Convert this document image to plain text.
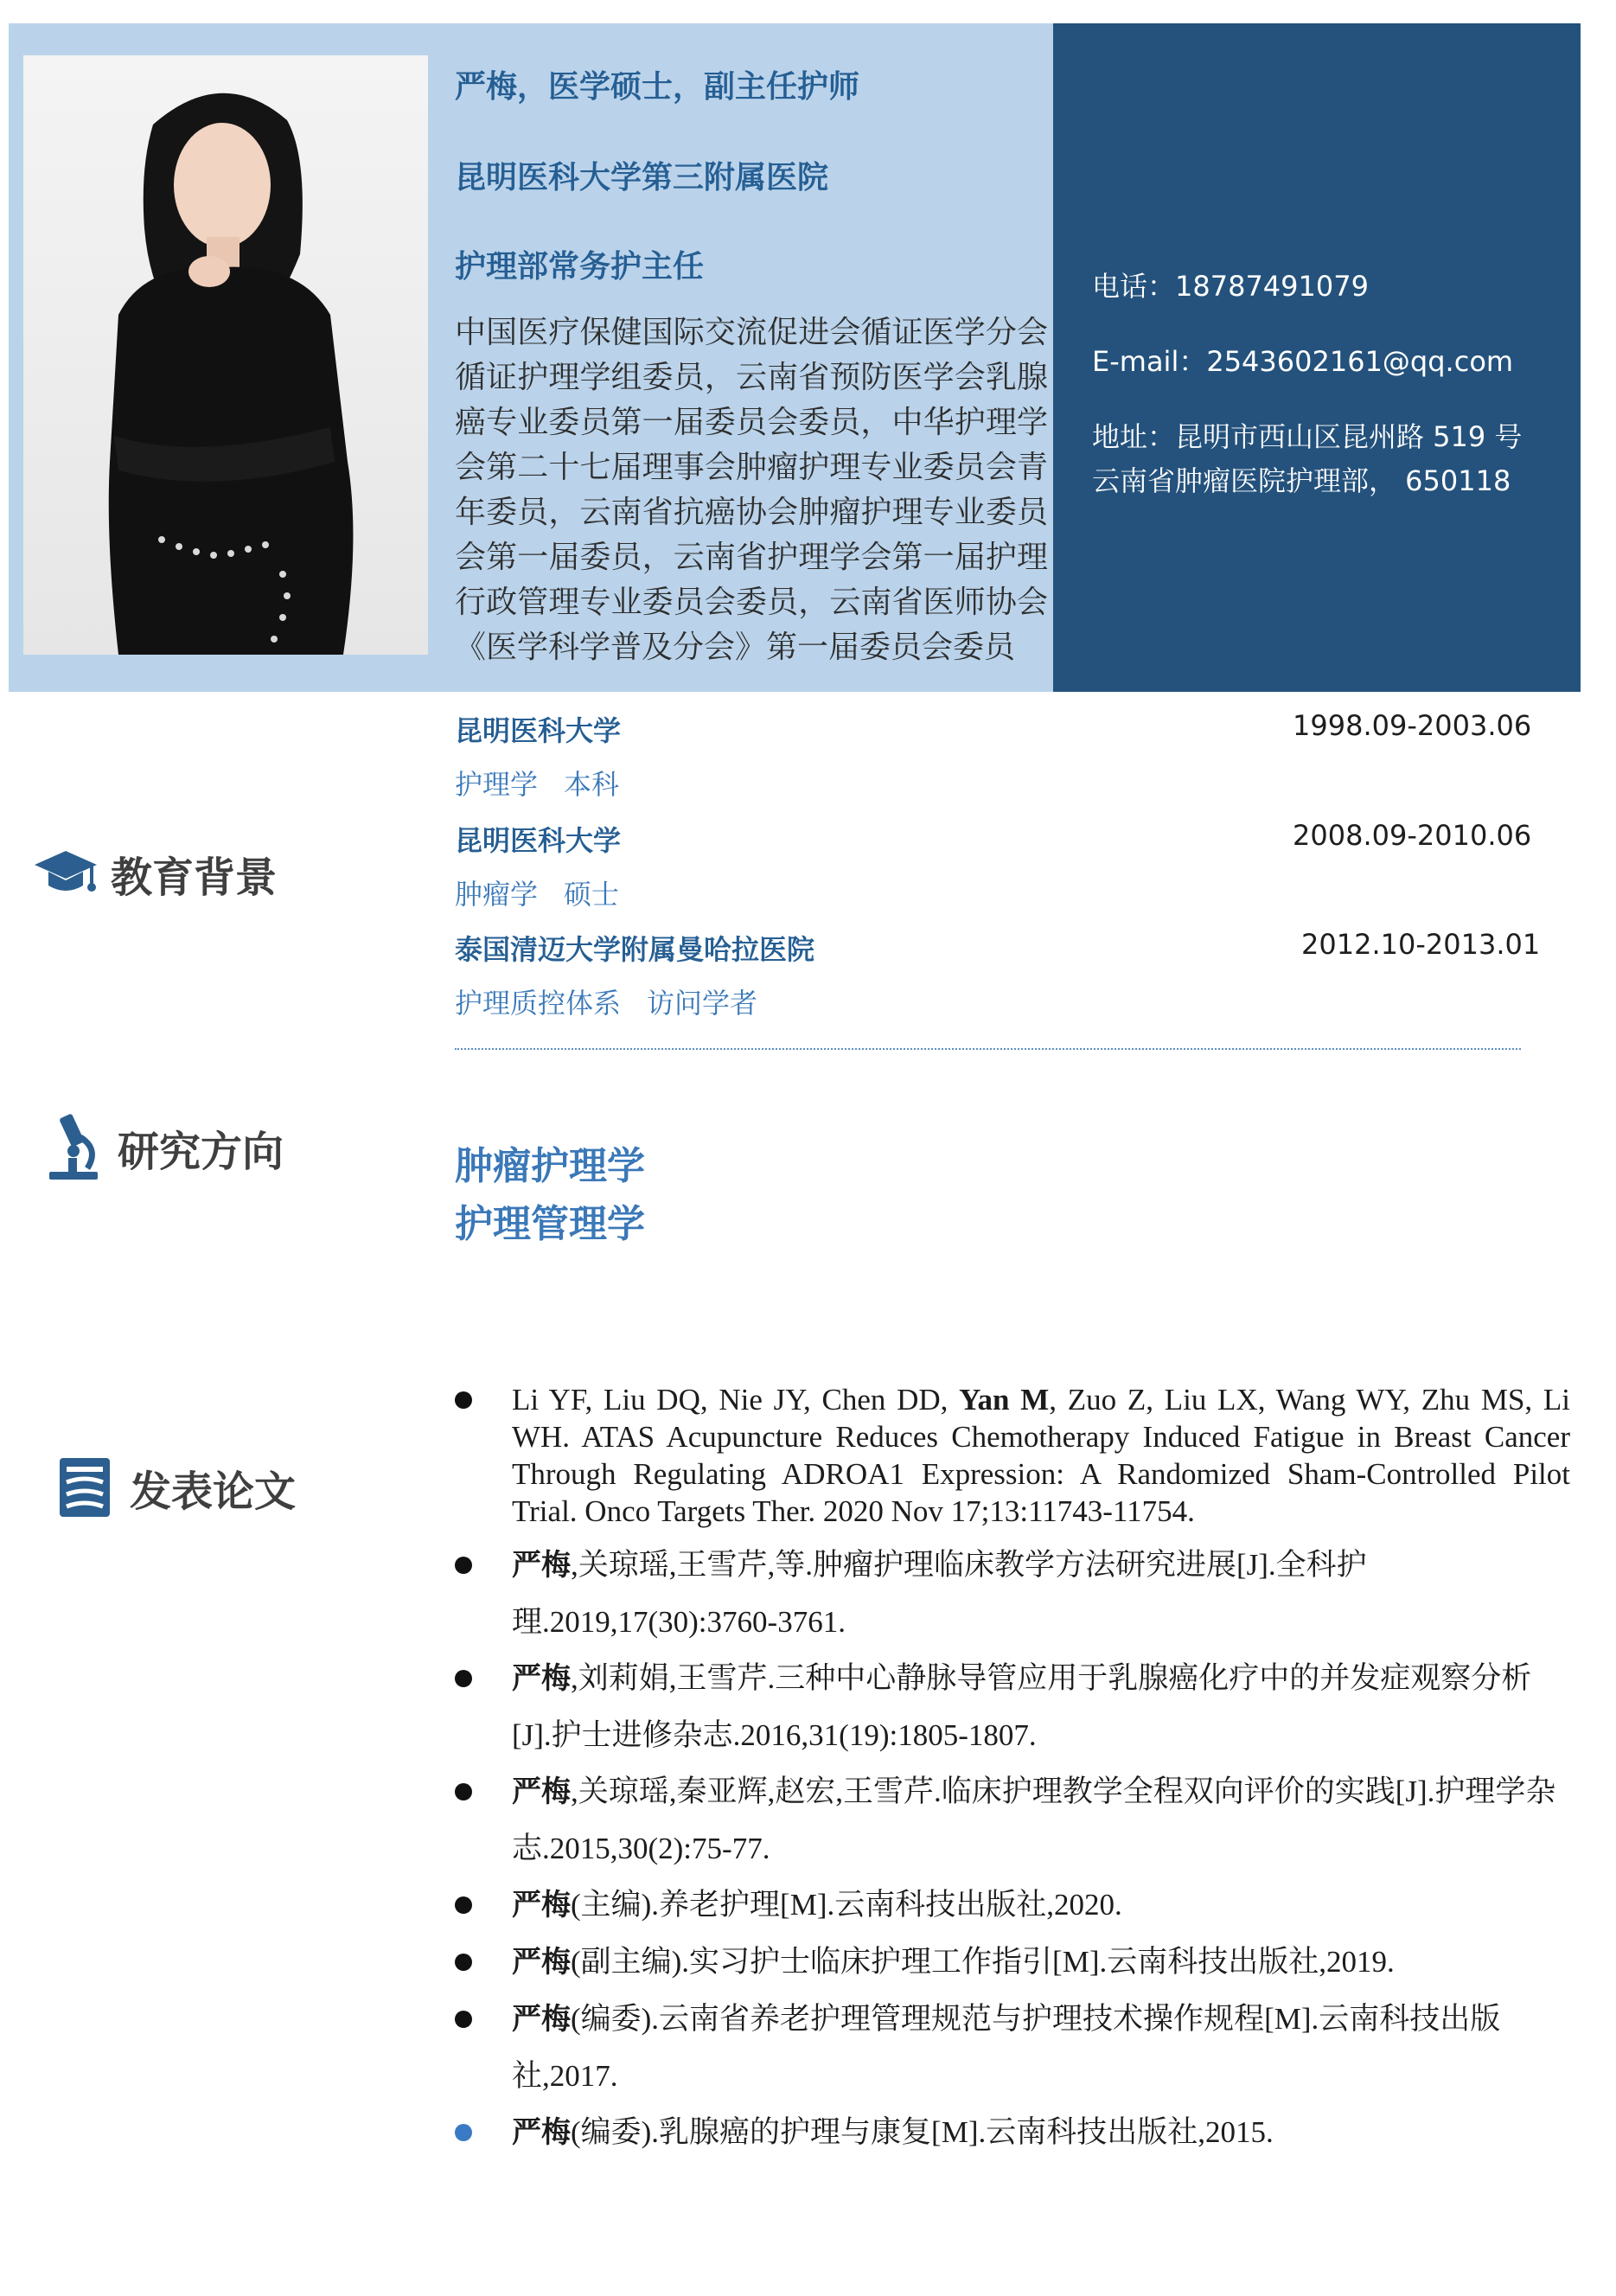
严梅，医学硕士，副主任护师
昆明医科大学第三附属医院
护理部常务护主任
中国医疗保健国际交流促进会循证医学分会循证护理学组委员，云南省预防医学会乳腺癌专业委员第一届委员会委员，中华护理学会第二十七届理事会肿瘤护理专业委员会青年委员，云南省抗癌协会肿瘤护理专业委员会第一届委员，云南省护理学会第一届护理行政管理专业委员会委员，云南省医师协会《医学科学普及分会》第一届委员会委员
电话：18787491079
E-mail：2543602161@qq.com
地址：昆明市西山区昆州路 519 号
云南省肿瘤医院护理部， 650118
教育背景
研究方向
发表论文
昆明医科大学	1998.09-2003.06
护理学 本科
昆明医科大学	2008.09-2010.06
肿瘤学 硕士
泰国清迈大学附属曼哈拉医院	2012.10-2013.01
护理质控体系 访问学者
肿瘤护理学
护理管理学
Li YF, Liu DQ, Nie JY, Chen DD, Yan M, Zuo Z, Liu LX, Wang WY, Zhu MS, Li WH. ATAS Acupuncture Reduces Chemotherapy Induced Fatigue in Breast Cancer Through Regulating ADROA1 Expression: A Randomized Sham-Controlled Pilot Trial. Onco Targets Ther. 2020 Nov 17;13:11743-11754.
严梅,关琼瑶,王雪芹,等.肿瘤护理临床教学方法研究进展[J].全科护理.2019,17(30):3760-3761.
严梅,刘莉娟,王雪芹.三种中心静脉导管应用于乳腺癌化疗中的并发症观察分析[J].护士进修杂志.2016,31(19):1805-1807.
严梅,关琼瑶,秦亚辉,赵宏,王雪芹.临床护理教学全程双向评价的实践[J].护理学杂志.2015,30(2):75-77.
严梅(主编).养老护理[M].云南科技出版社,2020.
严梅(副主编).实习护士临床护理工作指引[M].云南科技出版社,2019.
严梅(编委).云南省养老护理管理规范与护理技术操作规程[M].云南科技出版社,2017.
严梅(编委).乳腺癌的护理与康复[M].云南科技出版社,2015.
